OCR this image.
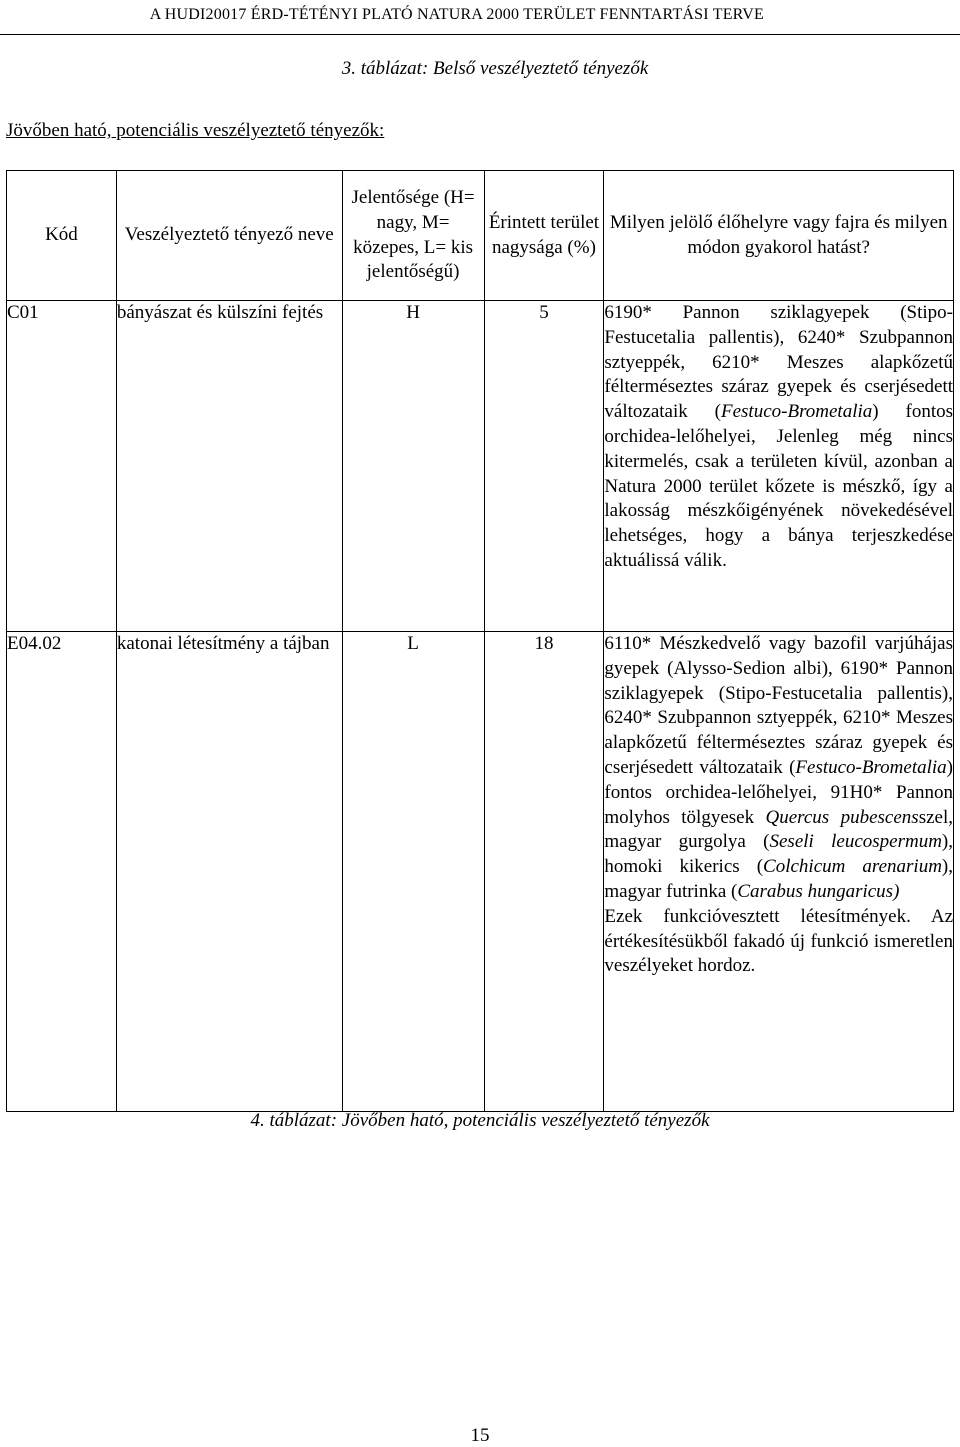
A HUDI20017 ÉRD-TÉTÉNYI PLATÓ NATURA 2000 TERÜLET FENNTARTÁSI TERVE
3. táblázat: Belső veszélyeztető tényezők
Jövőben ható, potenciális veszélyeztető tényezők:
Kód	Veszélyeztető tényező neve	Jelentősége (H= nagy, M= közepes, L= kis jelentőségű)	Érintett terület nagysága (%)	Milyen jelölő élőhelyre vagy fajra és milyen módon gyakorol hatást?
C01	bányászat és külszíni fejtés	H	5	6190* Pannon sziklagyepek (Stipo-Festucetalia pallentis), 6240* Szubpannon sztyeppék, 6210* Meszes alapkőzetű félterméseztes száraz gyepek és cserjésedett változataik (Festuco-Brometalia) fontos orchidea-lelőhelyei, Jelenleg még nincs kitermelés, csak a területen kívül, azonban a Natura 2000 terület kőzete is mészkő, így a lakosság mészkőigényének növekedésével lehetséges, hogy a bánya terjeszkedése aktuálissá válik.
E04.02	katonai létesítmény a tájban	L	18	6110* Mészkedvelő vagy bazofil varjúhájas gyepek (Alysso-Sedion albi), 6190* Pannon sziklagyepek (Stipo-Festucetalia pallentis), 6240* Szubpannon sztyeppék, 6210* Meszes alapkőzetű félterméseztes száraz gyepek és cserjésedett változataik (Festuco-Brometalia) fontos orchidea-lelőhelyei, 91H0* Pannon molyhos tölgyesek Quercus pubescensszel, magyar gurgolya (Seseli leucospermum), homoki kikerics (Colchicum arenarium), magyar futrinka (Carabus hungaricus)
Ezek funkcióvesztett létesítmények. Az értékesítésükből fakadó új funkció ismeretlen veszélyeket hordoz.
4. táblázat: Jövőben ható, potenciális veszélyeztető tényezők
15
